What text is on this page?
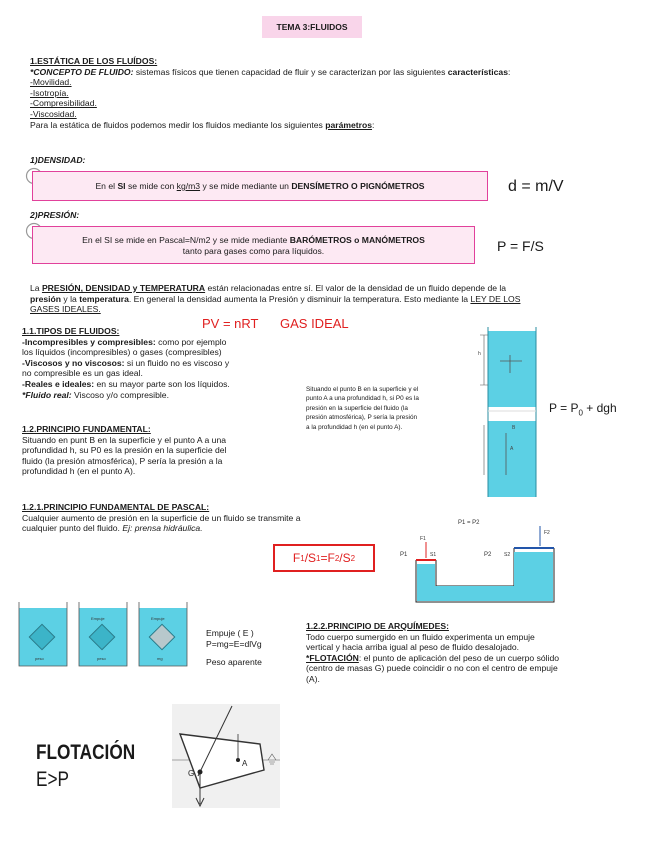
TEMA 3:FLUIDOS
1.ESTÁTICA DE LOS FLUÍDOS:
*CONCEPTO DE FLUIDO: sistemas físicos que tienen capacidad de fluir y se caracterizan por las siguientes características:
-Movilidad.
-Isotropía.
-Compresibilidad.
-Viscosidad.
Para la estática de fluidos podemos medir los fluidos mediante los siguientes parámetros:
1)DENSIDAD:
En el
SI se mide con kg/m3 y se mide mediante un DENSÍMETRO O PIGNÓMETROS	d = m/V
2)PRESIÓN:
En el SI se mide en Pascal=N/m2 y se mide mediante BARÓMETROS o MANÓMETROS
tanto para gases como para líquidos.	P = F/S
La PRESIÓN, DENSIDAD y TEMPERATURA están relacionadas entre sí. El valor de la densidad de un fluido depende de la
presión y la temperatura. En general la densidad aumenta la Presión y disminuir la temperatura. Esto mediante la LEY DE LOS
GASES IDEALES.
PV = nRT GAS IDEAL
1.1.TIPOS DE FLUIDOS:
-Incompresibles y compresibles: como por ejemplo
los líquidos (incompresibles) o gases (compresibles)
-Viscosos y no viscosos: si un fluido no es viscoso y
no compresible es un gas ideal.
-Reales e ideales: en su mayor parte son los líquidos.
*Fluido real: Viscoso y/o compresible.
1.2.PRINCIPIO FUNDAMENTAL:
Situando en punt B en la superficie y el punto A a una
profundidad h, su P0 es la presión en la superficie del
fluido (la presión atmosférica), P sería la presión a la
profundidad h (en el punto A).
Situando el punto B en la superficie y el
punto A a una profundidad h, si P0 es la
presión en la superficie del fluido (la
presión atmosférica), P sería la presión
a la profundidad h (en el punto A).
h
B
A
$P = P_0$ + dgh
1.2.1.PRINCIPIO FUNDAMENTAL DE PASCAL:
Cualquier aumento de presión en la superficie de un fluido se transmite a
cualquier punto del fluido. Ej: prensa hidráulica.
F 1 /S 1 =F 2 /S 2
P1 = P2
P1	S1
F1
P2	S2
F2
peso
Empuje
peso
Empuje
mg
Empuje ( E )
P=mg=E=dlVg
Peso aparente
1.2.2.PRINCIPIO DE ARQUÍMEDES:
Todo cuerpo sumergido en un fluido experimenta un empuje
vertical y hacia arriba igual al peso de fluido desalojado.
*FLOTACIÓN: el punto de aplicación del peso de un cuerpo sólido
(centro de masas G) puede coincidir o no con el centro de empuje
(A).
G
A
FLOTACIÓN
E>P
